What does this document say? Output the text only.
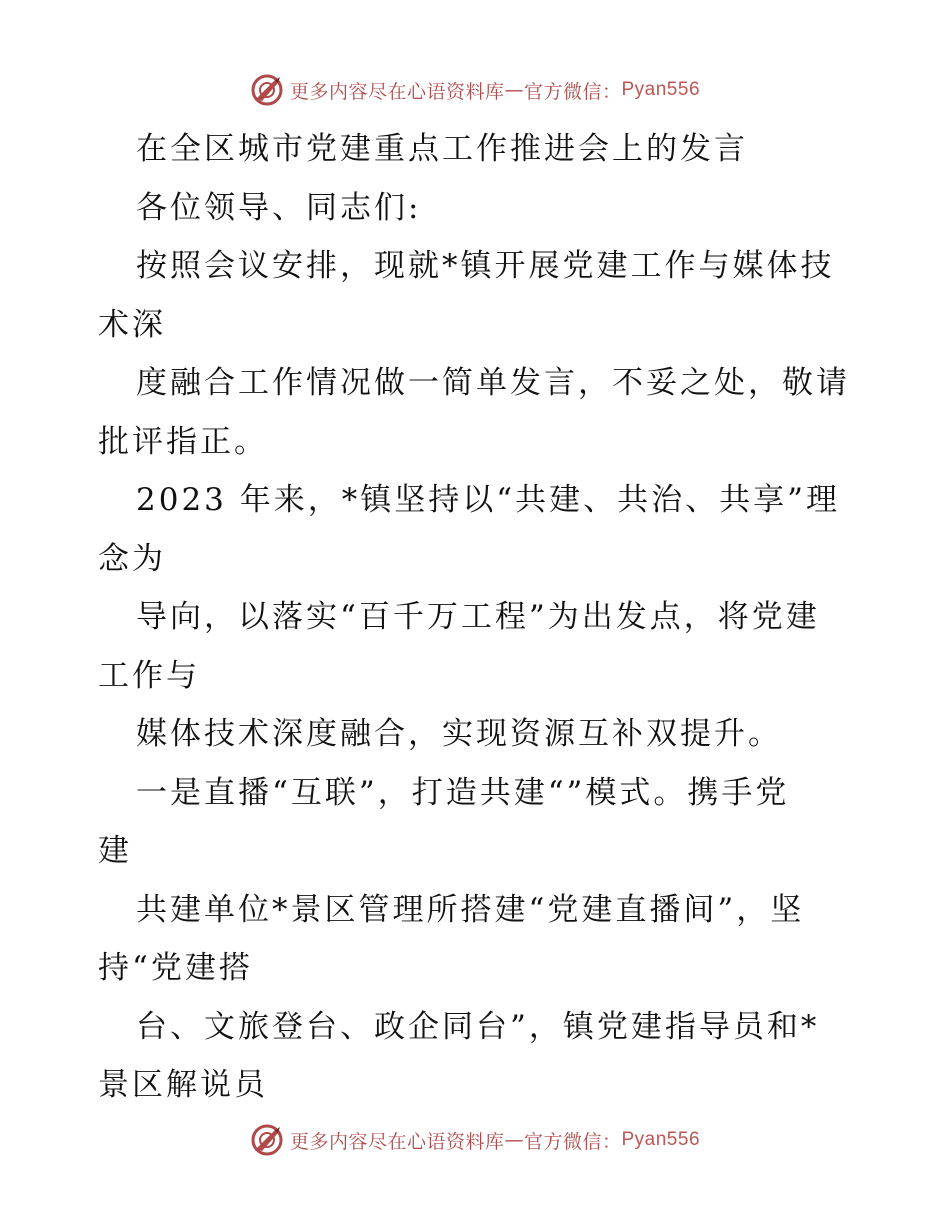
更多内容尽在心语资料库 — 官方微信： Pyan556
在全区城市党建重点工作推进会上的发言
各位领导、同志们:
按照会议安排，现就*镇开展党建工作与媒体技
术深
度融合工作情况做一简单发言，不妥之处，敬请
批评指正。
2023 年来，*镇坚持以“共建、共治、共享”理
念为
导向，以落实“百千万工程”为出发点，将党建
工作与
媒体技术深度融合，实现资源互补双提升。
一是直播“互联”，打造共建“”模式。携手党
建
共建单位*景区管理所搭建“党建直播间”，坚
持“党建搭
台、文旅登台、政企同台”，镇党建指导员和*
景区解说员
更多内容尽在心语资料库 — 官方微信： Pyan556
